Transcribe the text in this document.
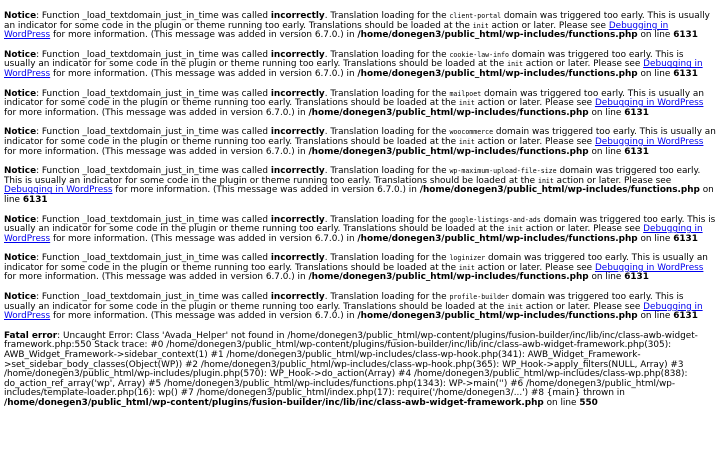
Notice: Function _load_textdomain_just_in_time was called incorrectly. Translation loading for the client-portal domain was triggered too early. This is usually an indicator for some code in the plugin or theme running too early. Translations should be loaded at the init action or later. Please see Debugging in WordPress for more information. (This message was added in version 6.7.0.) in /home/donegen3/public_html/wp-includes/functions.php on line 6131
Notice: Function _load_textdomain_just_in_time was called incorrectly. Translation loading for the cookie-law-info domain was triggered too early. This is usually an indicator for some code in the plugin or theme running too early. Translations should be loaded at the init action or later. Please see Debugging in WordPress for more information. (This message was added in version 6.7.0.) in /home/donegen3/public_html/wp-includes/functions.php on line 6131
Notice: Function _load_textdomain_just_in_time was called incorrectly. Translation loading for the mailpoet domain was triggered too early. This is usually an indicator for some code in the plugin or theme running too early. Translations should be loaded at the init action or later. Please see Debugging in WordPress for more information. (This message was added in version 6.7.0.) in /home/donegen3/public_html/wp-includes/functions.php on line 6131
Notice: Function _load_textdomain_just_in_time was called incorrectly. Translation loading for the woocommerce domain was triggered too early. This is usually an indicator for some code in the plugin or theme running too early. Translations should be loaded at the init action or later. Please see Debugging in WordPress for more information. (This message was added in version 6.7.0.) in /home/donegen3/public_html/wp-includes/functions.php on line 6131
Notice: Function _load_textdomain_just_in_time was called incorrectly. Translation loading for the wp-maximum-upload-file-size domain was triggered too early. This is usually an indicator for some code in the plugin or theme running too early. Translations should be loaded at the init action or later. Please see Debugging in WordPress for more information. (This message was added in version 6.7.0.) in /home/donegen3/public_html/wp-includes/functions.php on line 6131
Notice: Function _load_textdomain_just_in_time was called incorrectly. Translation loading for the google-listings-and-ads domain was triggered too early. This is usually an indicator for some code in the plugin or theme running too early. Translations should be loaded at the init action or later. Please see Debugging in WordPress for more information. (This message was added in version 6.7.0.) in /home/donegen3/public_html/wp-includes/functions.php on line 6131
Notice: Function _load_textdomain_just_in_time was called incorrectly. Translation loading for the loginizer domain was triggered too early. This is usually an indicator for some code in the plugin or theme running too early. Translations should be loaded at the init action or later. Please see Debugging in WordPress for more information. (This message was added in version 6.7.0.) in /home/donegen3/public_html/wp-includes/functions.php on line 6131
Notice: Function _load_textdomain_just_in_time was called incorrectly. Translation loading for the profile-builder domain was triggered too early. This is usually an indicator for some code in the plugin or theme running too early. Translations should be loaded at the init action or later. Please see Debugging in WordPress for more information. (This message was added in version 6.7.0.) in /home/donegen3/public_html/wp-includes/functions.php on line 6131
Fatal error: Uncaught Error: Class 'Avada_Helper' not found in /home/donegen3/public_html/wp-content/plugins/fusion-builder/inc/lib/inc/class-awb-widget-framework.php:550 Stack trace: #0 /home/donegen3/public_html/wp-content/plugins/fusion-builder/inc/lib/inc/class-awb-widget-framework.php(305): AWB_Widget_Framework->sidebar_context(1) #1 /home/donegen3/public_html/wp-includes/class-wp-hook.php(341): AWB_Widget_Framework->set_sidebar_body_classes(Object(WP)) #2 /home/donegen3/public_html/wp-includes/class-wp-hook.php(365): WP_Hook->apply_filters(NULL, Array) #3 /home/donegen3/public_html/wp-includes/plugin.php(570): WP_Hook->do_action(Array) #4 /home/donegen3/public_html/wp-includes/class-wp.php(838): do_action_ref_array('wp', Array) #5 /home/donegen3/public_html/wp-includes/functions.php(1343): WP->main('') #6 /home/donegen3/public_html/wp-includes/template-loader.php(16): wp() #7 /home/donegen3/public_html/index.php(17): require('/home/donegen3/...') #8 {main} thrown in /home/donegen3/public_html/wp-content/plugins/fusion-builder/inc/lib/inc/class-awb-widget-framework.php on line 550
